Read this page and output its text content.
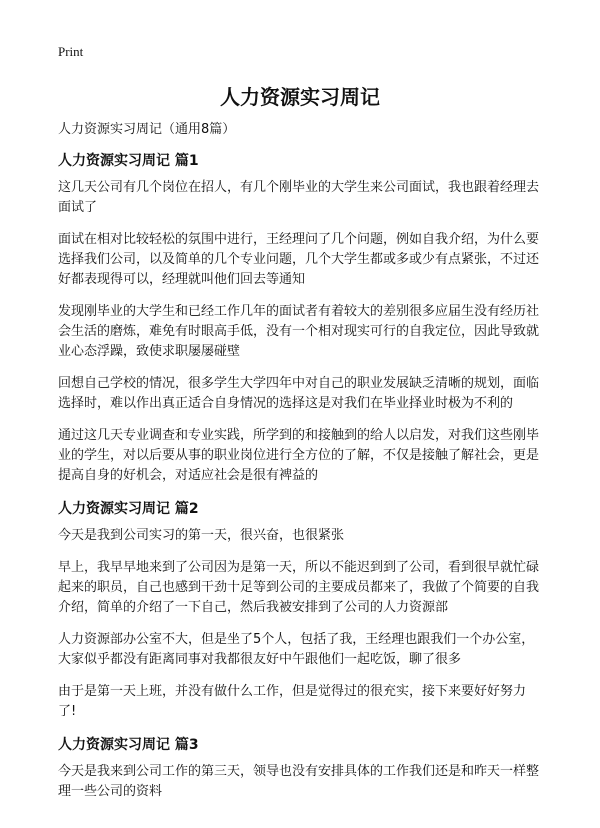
Print
人力资源实习周记
人力资源实习周记（通用8篇）
人力资源实习周记 篇1

这几天公司有几个岗位在招人，有几个刚毕业的大学生来公司面试，我也跟着经理去面试了

面试在相对比较轻松的氛围中进行，王经理问了几个问题，例如自我介绍，为什么要选择我们公司，以及简单的几个专业问题，几个大学生都或多或少有点紧张，不过还好都表现得可以，经理就叫他们回去等通知

发现刚毕业的大学生和已经工作几年的面试者有着较大的差别很多应届生没有经历社会生活的磨炼，难免有时眼高手低，没有一个相对现实可行的自我定位，因此导致就业心态浮躁，致使求职屡屡碰壁

回想自己学校的情况，很多学生大学四年中对自己的职业发展缺乏清晰的规划，面临选择时，难以作出真正适合自身情况的选择这是对我们在毕业择业时极为不利的

通过这几天专业调查和专业实践，所学到的和接触到的给人以启发，对我们这些刚毕业的学生，对以后要从事的职业岗位进行全方位的了解，不仅是接触了解社会，更是提高自身的好机会，对适应社会是很有裨益的

人力资源实习周记 篇2

今天是我到公司实习的第一天，很兴奋，也很紧张

早上，我早早地来到了公司因为是第一天，所以不能迟到到了公司，看到很早就忙碌起来的职员，自己也感到干劲十足等到公司的主要成员都来了，我做了个简要的自我介绍，简单的介绍了一下自己，然后我被安排到了公司的人力资源部

人力资源部办公室不大，但是坐了5个人，包括了我，王经理也跟我们一个办公室，大家似乎都没有距离同事对我都很友好中午跟他们一起吃饭，聊了很多

由于是第一天上班，并没有做什么工作，但是觉得过的很充实，接下来要好好努力了!

人力资源实习周记 篇3

今天是我来到公司工作的第三天，领导也没有安排具体的工作我们还是和昨天一样整理一些公司的资料
